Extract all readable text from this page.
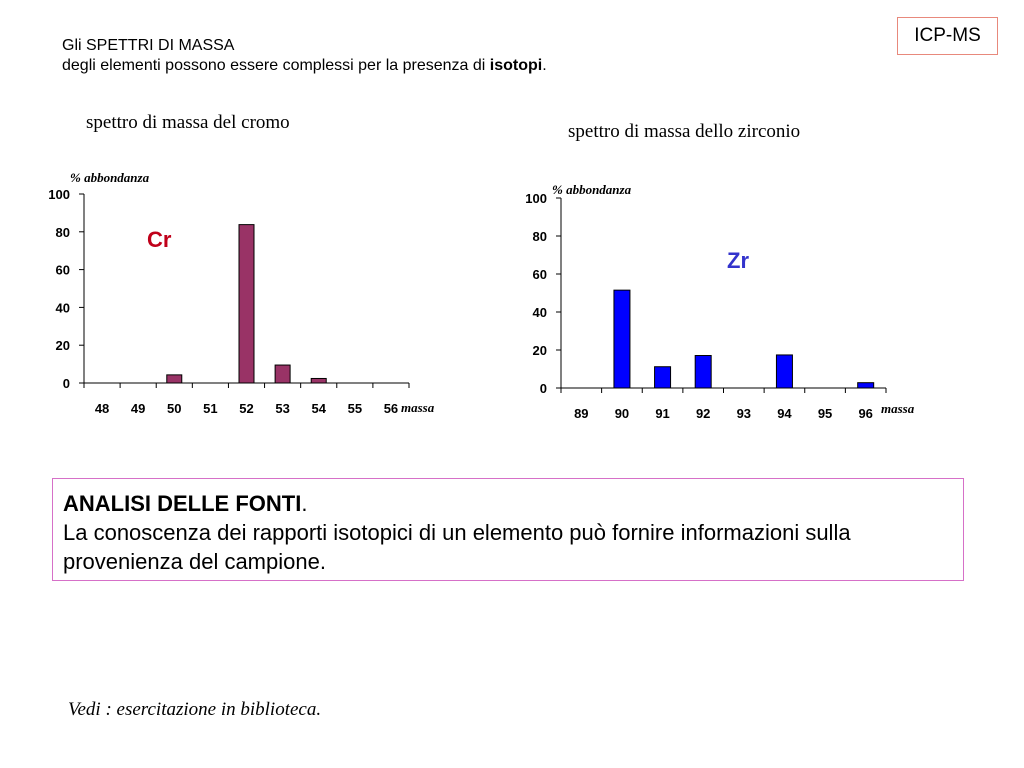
ICP-MS
Gli SPETTRI DI MASSA
degli elementi possono essere complessi per la presenza di isotopi.
spettro di massa del cromo	spettro di massa dello zirconio
0
20
40
60
80
100
48 49 50 51 52 53 54 55 56
% abbondanza
massa
Cr
0
20
40
60
80
100
89 90 91 92 93 94 95 96
% abbondanza
massa
Zr
ANALISI DELLE FONTI.
La conoscenza dei rapporti isotopici di un elemento può fornire informazioni sulla provenienza del campione.
Vedi : esercitazione in biblioteca.
